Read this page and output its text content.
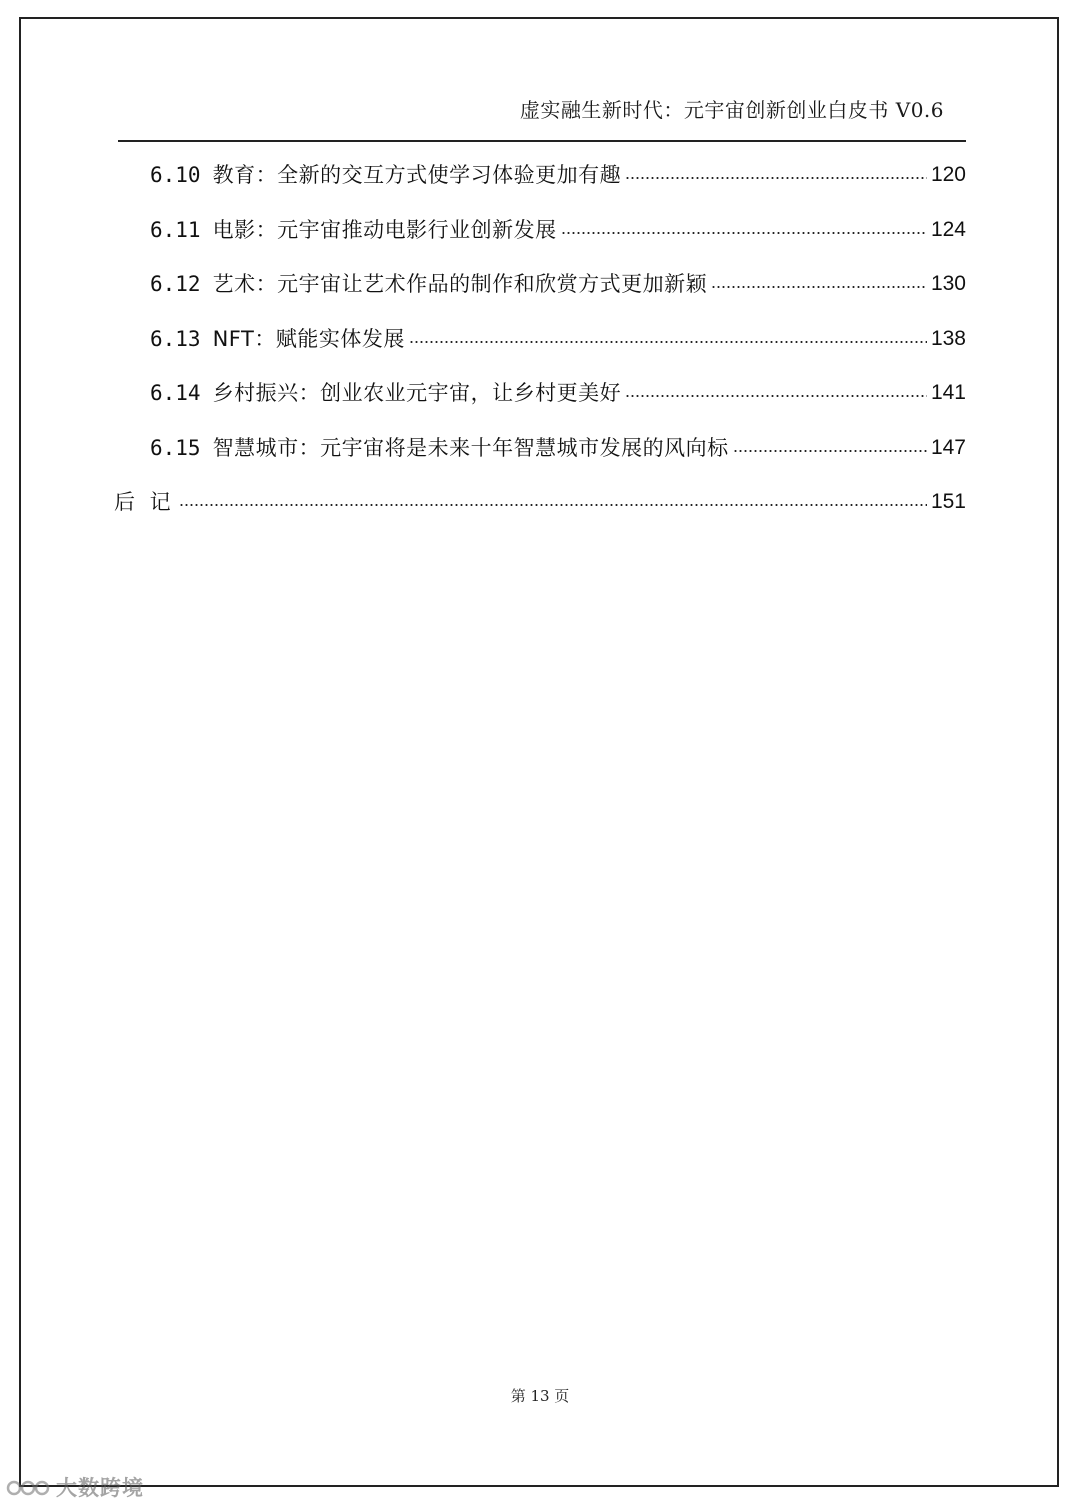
虚实融生新时代：元宇宙创新创业白皮书 V0.6
6.10 教育：全新的交互方式使学习体验更加有趣	120
6.11 电影：元宇宙推动电影行业创新发展	124
6.12 艺术：元宇宙让艺术作品的制作和欣赏方式更加新颖	130
6.13 NFT：赋能实体发展	138
6.14 乡村振兴：创业农业元宇宙，让乡村更美好	141
6.15 智慧城市：元宇宙将是未来十年智慧城市发展的风向标	147
后 记	151
第 13 页
大数跨境
